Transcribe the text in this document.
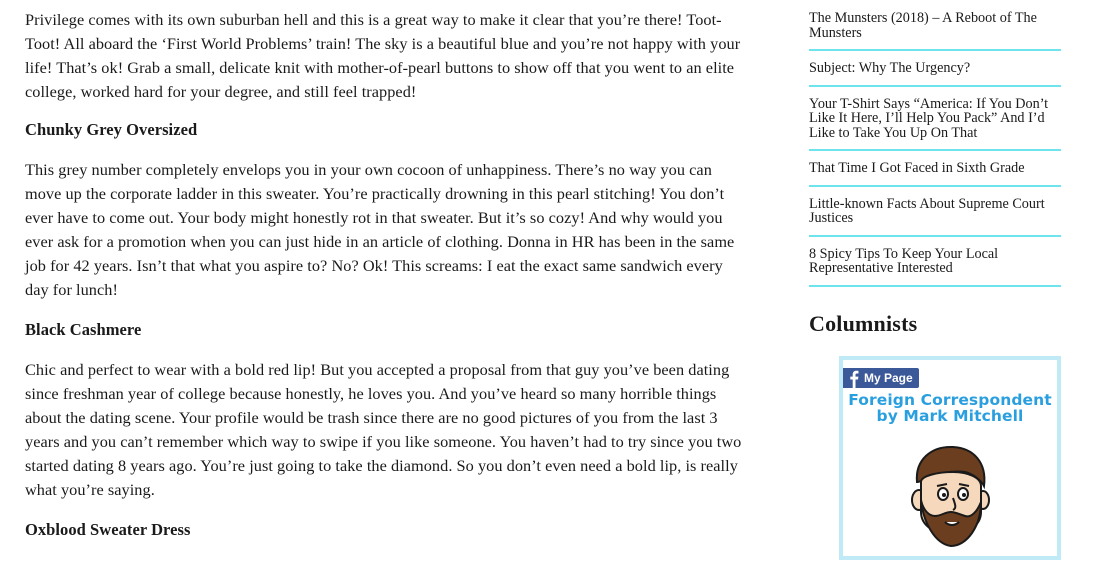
Privilege comes with its own suburban hell and this is a great way to make it clear that you’re there! Toot-Toot! All aboard the ‘First World Problems’ train! The sky is a beautiful blue and you’re not happy with your life! That’s ok! Grab a small, delicate knit with mother-of-pearl buttons to show off that you went to an elite college, worked hard for your degree, and still feel trapped!

Chunky Grey Oversized

This grey number completely envelops you in your own cocoon of unhappiness. There’s no way you can move up the corporate ladder in this sweater. You’re practically drowning in this pearl stitching! You don’t ever have to come out. Your body might honestly rot in that sweater. But it’s so cozy! And why would you ever ask for a promotion when you can just hide in an article of clothing. Donna in HR has been in the same job for 42 years. Isn’t that what you aspire to? No? Ok! This screams: I eat the exact same sandwich every day for lunch!

Black Cashmere

Chic and perfect to wear with a bold red lip! But you accepted a proposal from that guy you’ve been dating since freshman year of college because honestly, he loves you. And you’ve heard so many horrible things about the dating scene. Your profile would be trash since there are no good pictures of you from the last 3 years and you can’t remember which way to swipe if you like someone. You haven’t had to try since you two started dating 8 years ago. You’re just going to take the diamond. So you don’t even need a bold lip, is really what you’re saying.

Oxblood Sweater Dress
The Munsters (2018) – A Reboot of The
Munsters
Subject: Why The Urgency?
Your T-Shirt Says “America: If You Don’t
Like It Here, I’ll Help You Pack” And I’d
Like to Take You Up On That
That Time I Got Faced in Sixth Grade
Little-known Facts About Supreme Court
Justices
8 Spicy Tips To Keep Your Local
Representative Interested
Columnists
My Page
Foreign Correspondent
by Mark Mitchell
